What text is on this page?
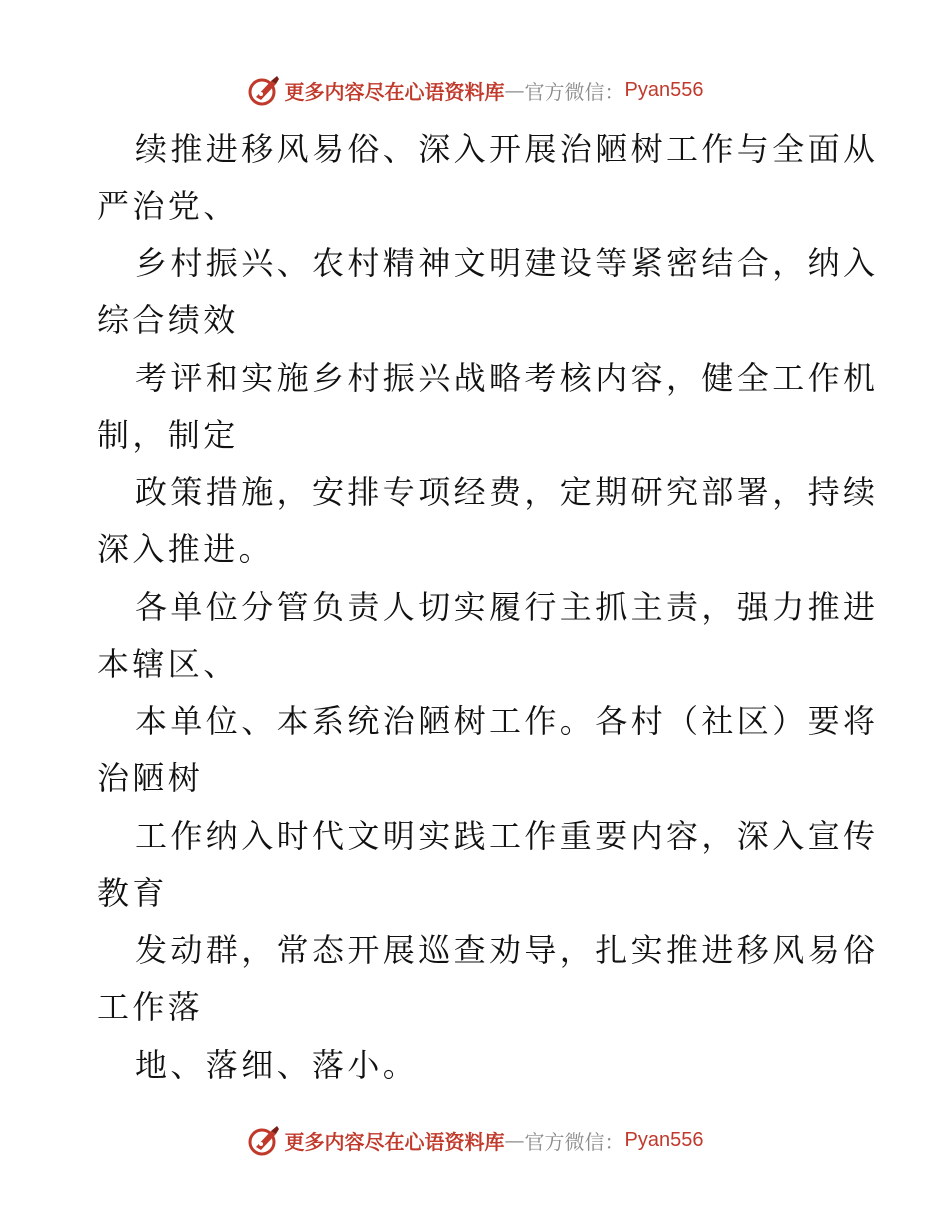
更多内容尽在心语资料库 — 官方微信： Pyan556
续推进移风易俗、深入开展治陋树工作与全面从
严治党、
乡村振兴、农村精神文明建设等紧密结合，纳入
综合绩效
考评和实施乡村振兴战略考核内容，健全工作机
制，制定
政策措施，安排专项经费，定期研究部署，持续
深入推进。
各单位分管负责人切实履行主抓主责，强力推进
本辖区、
本单位、本系统治陋树工作。各村（社区）要将
治陋树
工作纳入时代文明实践工作重要内容，深入宣传
教育
发动群，常态开展巡查劝导，扎实推进移风易俗
工作落
地、落细、落小。
更多内容尽在心语资料库 — 官方微信： Pyan556
